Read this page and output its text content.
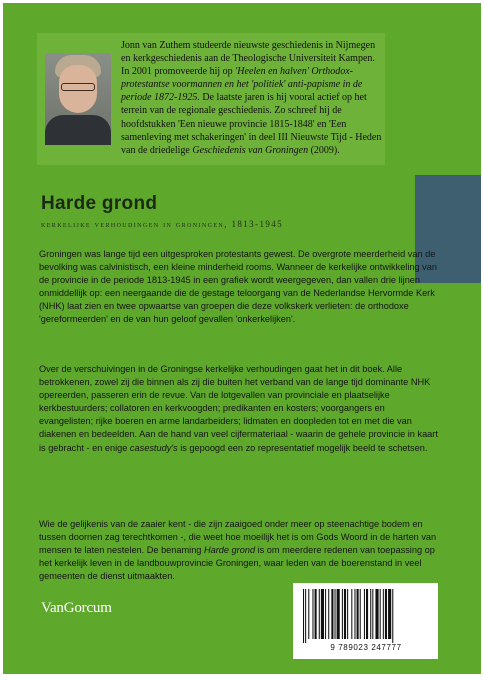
Jonn van Zuthem studeerde nieuwste geschiedenis in Nijmegen en kerkgeschiedenis aan de Theologische Universiteit Kampen. In 2001 promoveerde hij op 'Heelen en halven' Orthodox-protestantse voormannen en het 'politiek' anti-papisme in de periode 1872-1925. De laatste jaren is hij vooral actief op het terrein van de regionale geschiedenis. Zo schreef hij de hoofdstukken 'Een nieuwe provincie 1815-1848' en 'Een samenleving met schakeringen' in deel III Nieuwste Tijd - Heden van de driedelige Geschiedenis van Groningen (2009).
Harde grond
kerkelijke verhoudingen in groningen, 1813-1945

Groningen was lange tijd een uitgesproken protestants gewest. De overgrote meerderheid van de bevolking was calvinistisch, een kleine minderheid rooms. Wanneer de kerkelijke ontwikkeling van de provincie in de periode 1813-1945 in een grafiek wordt weergegeven, dan vallen drie lijnen onmiddellijk op: een neergaande die de gestage teloorgang van de Nederlandse Hervormde Kerk (NHK) laat zien en twee opwaartse van groepen die deze volkskerk verlieten: de orthodoxe 'gereformeerden' en de van hun geloof gevallen 'onkerkelijken'.

Over de verschuivingen in de Groningse kerkelijke verhoudingen gaat het in dit boek. Alle betrokkenen, zowel zij die binnen als zij die buiten het verband van de lange tijd dominante NHK opereerden, passeren erin de revue. Van de lotgevallen van provinciale en plaatselijke kerkbestuurders; collatoren en kerkvoogden; predikanten en kosters; voorgangers en evangelisten; rijke boeren en arme landarbeiders; lidmaten en doopleden tot en met die van diakenen en bedeelden. Aan de hand van veel cijfermateriaal - waarin de gehele provincie in kaart is gebracht - en enige casestudy's is gepoogd een zo representatief mogelijk beeld te schetsen.

Wie de gelijkenis van de zaaier kent - die zijn zaaigoed onder meer op steenachtige bodem en tussen doornen zag terechtkomen -, die weet hoe moeilijk het is om Gods Woord in de harten van mensen te laten nestelen. De benaming Harde grond is om meerdere redenen van toepassing op het kerkelijk leven in de landbouwprovincie Groningen, waar leden van de boerenstand in veel gemeenten de dienst uitmaakten.

VanGorcum
9 789023 247777
